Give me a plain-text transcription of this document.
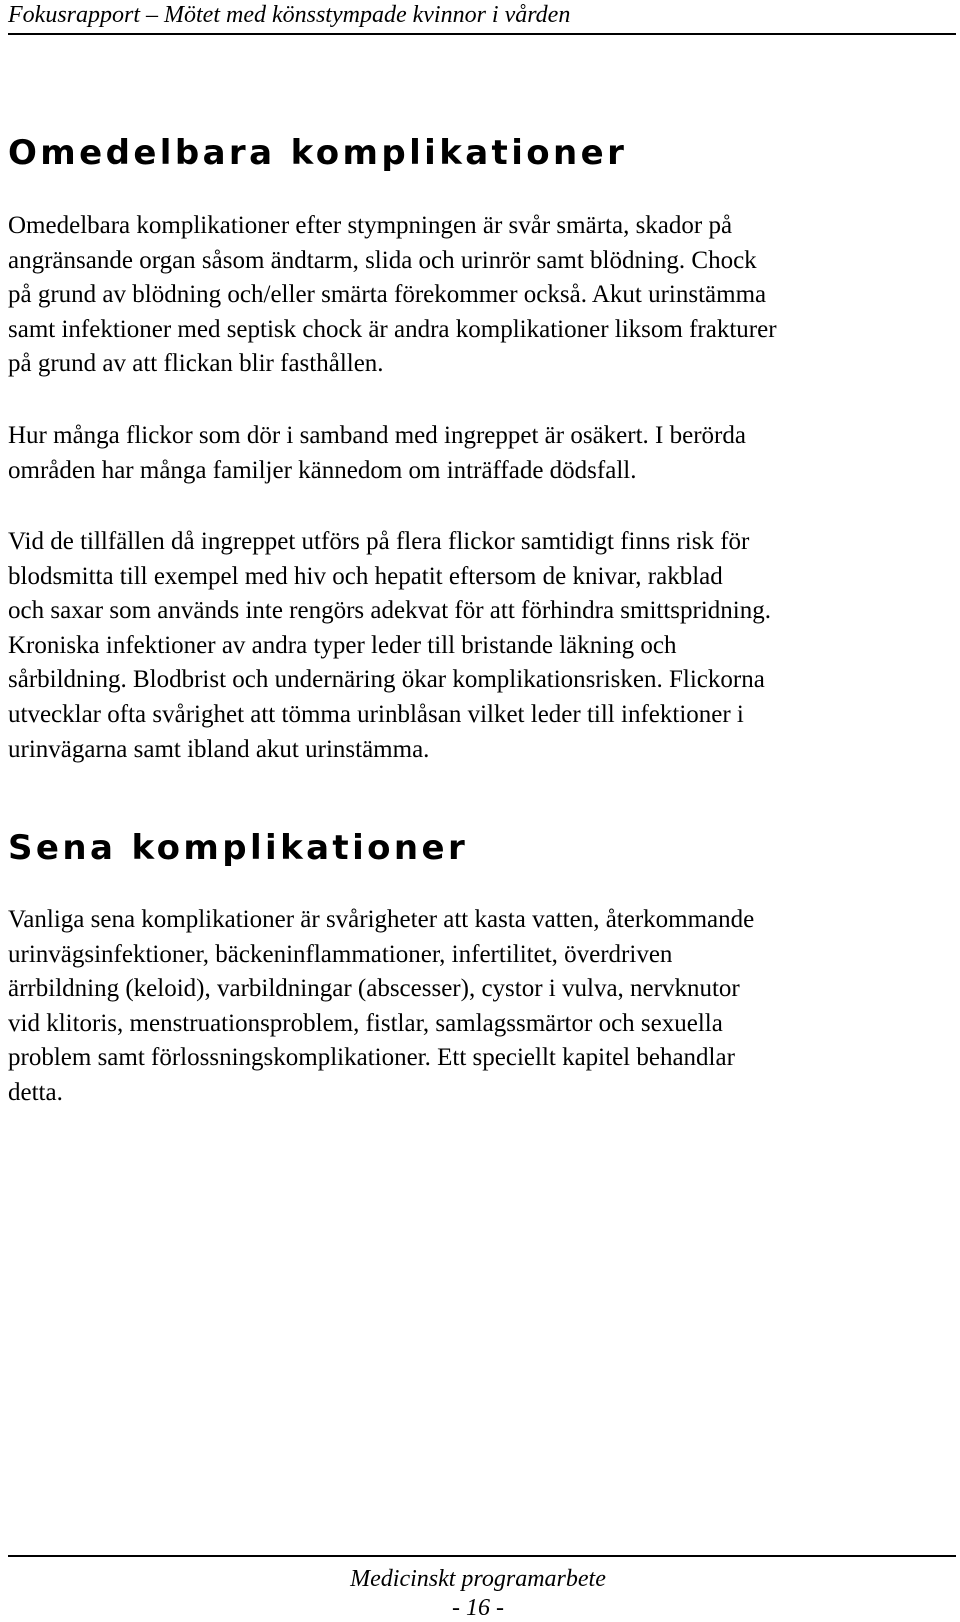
Fokusrapport – Mötet med könsstympade kvinnor i vården
Omedelbara komplikationer

Omedelbara komplikationer efter stympningen är svår smärta, skador på
angränsande organ såsom ändtarm, slida och urinrör samt blödning. Chock
på grund av blödning och/eller smärta förekommer också. Akut urinstämma
samt infektioner med septisk chock är andra komplikationer liksom frakturer
på grund av att flickan blir fasthållen.

Hur många flickor som dör i samband med ingreppet är osäkert. I berörda
områden har många familjer kännedom om inträffade dödsfall.

Vid de tillfällen då ingreppet utförs på flera flickor samtidigt finns risk för
blodsmitta till exempel med hiv och hepatit eftersom de knivar, rakblad
och saxar som används inte rengörs adekvat för att förhindra smittspridning.
Kroniska infektioner av andra typer leder till bristande läkning och
sårbildning. Blodbrist och undernäring ökar komplikationsrisken. Flickorna
utvecklar ofta svårighet att tömma urinblåsan vilket leder till infektioner i
urinvägarna samt ibland akut urinstämma.

Sena komplikationer

Vanliga sena komplikationer är svårigheter att kasta vatten, återkommande
urinvägsinfektioner, bäckeninflammationer, infertilitet, överdriven
ärrbildning (keloid), varbildningar (abscesser), cystor i vulva, nervknutor
vid klitoris, menstruationsproblem, fistlar, samlagssmärtor och sexuella
problem samt förlossningskomplikationer. Ett speciellt kapitel behandlar
detta.

Medicinskt programarbete
- 16 -
